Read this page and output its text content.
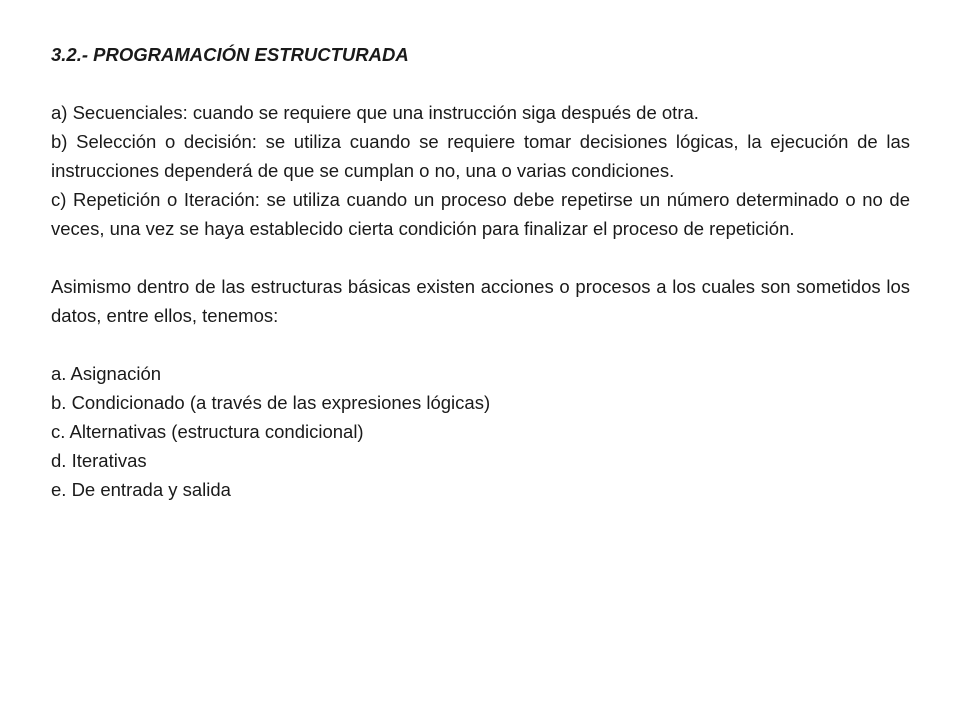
3.2.- PROGRAMACIÓN ESTRUCTURADA

a) Secuenciales: cuando se requiere que una instrucción siga después de otra.

b) Selección o decisión: se utiliza cuando se requiere tomar decisiones lógicas, la ejecución de las instrucciones dependerá de que se cumplan o no, una o varias condiciones.

c) Repetición o Iteración: se utiliza cuando un proceso debe repetirse un número determinado o no de veces, una vez se haya establecido cierta condición para finalizar el proceso de repetición.

Asimismo dentro de las estructuras básicas existen acciones o procesos a los cuales son sometidos los datos, entre ellos, tenemos:

a. Asignación
b. Condicionado (a través de las expresiones lógicas)
c. Alternativas (estructura condicional)
d. Iterativas
e. De entrada y salida
